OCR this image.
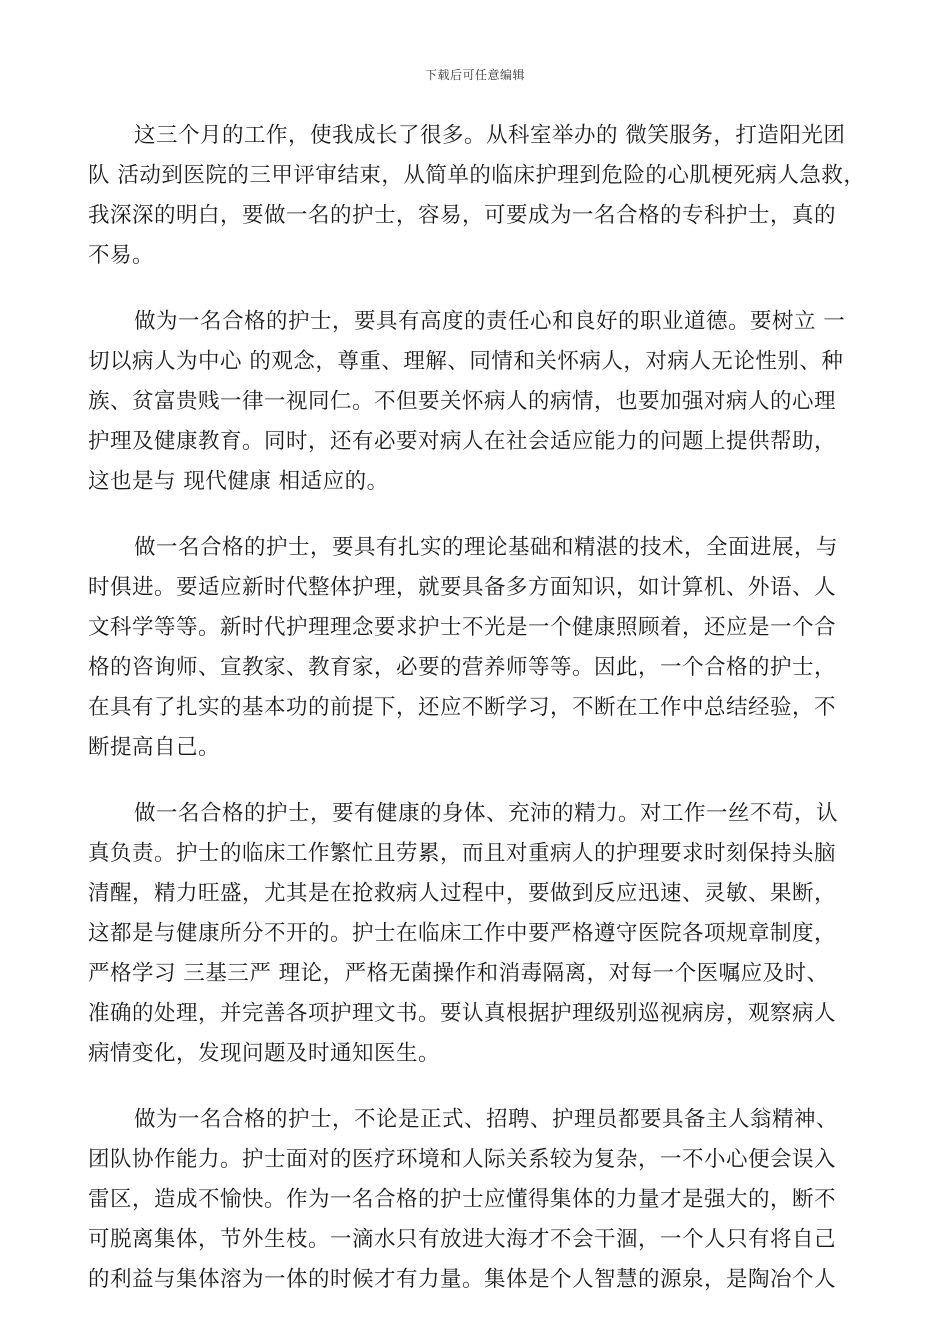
下载后可任意编辑

这三个月的工作，使我成长了很多。从科室举办的 微笑服务，打造阳光团
队 活动到医院的三甲评审结束，从简单的临床护理到危险的心肌梗死病人急救，
我深深的明白，要做一名的护士，容易，可要成为一名合格的专科护士，真的
不易。

做为一名合格的护士，要具有高度的责任心和良好的职业道德。要树立 一
切以病人为中心 的观念，尊重、理解、同情和关怀病人，对病人无论性别、种
族、贫富贵贱一律一视同仁。不但要关怀病人的病情，也要加强对病人的心理
护理及健康教育。同时，还有必要对病人在社会适应能力的问题上提供帮助，
这也是与 现代健康 相适应的。

做一名合格的护士，要具有扎实的理论基础和精湛的技术，全面进展，与
时俱进。要适应新时代整体护理，就要具备多方面知识，如计算机、外语、人
文科学等等。新时代护理理念要求护士不光是一个健康照顾着，还应是一个合
格的咨询师、宣教家、教育家，必要的营养师等等。因此，一个合格的护士，
在具有了扎实的基本功的前提下，还应不断学习，不断在工作中总结经验，不
断提高自己。

做一名合格的护士，要有健康的身体、充沛的精力。对工作一丝不苟，认
真负责。护士的临床工作繁忙且劳累，而且对重病人的护理要求时刻保持头脑
清醒，精力旺盛，尤其是在抢救病人过程中，要做到反应迅速、灵敏、果断，
这都是与健康所分不开的。护士在临床工作中要严格遵守医院各项规章制度，
严格学习 三基三严 理论，严格无菌操作和消毒隔离，对每一个医嘱应及时、
准确的处理，并完善各项护理文书。要认真根据护理级别巡视病房，观察病人
病情变化，发现问题及时通知医生。

做为一名合格的护士，不论是正式、招聘、护理员都要具备主人翁精神、
团队协作能力。护士面对的医疗环境和人际关系较为复杂，一不小心便会误入
雷区，造成不愉快。作为一名合格的护士应懂得集体的力量才是强大的，断不
可脱离集体，节外生枝。一滴水只有放进大海才不会干涸，一个人只有将自己
的利益与集体溶为一体的时候才有力量。集体是个人智慧的源泉，是陶冶个人
